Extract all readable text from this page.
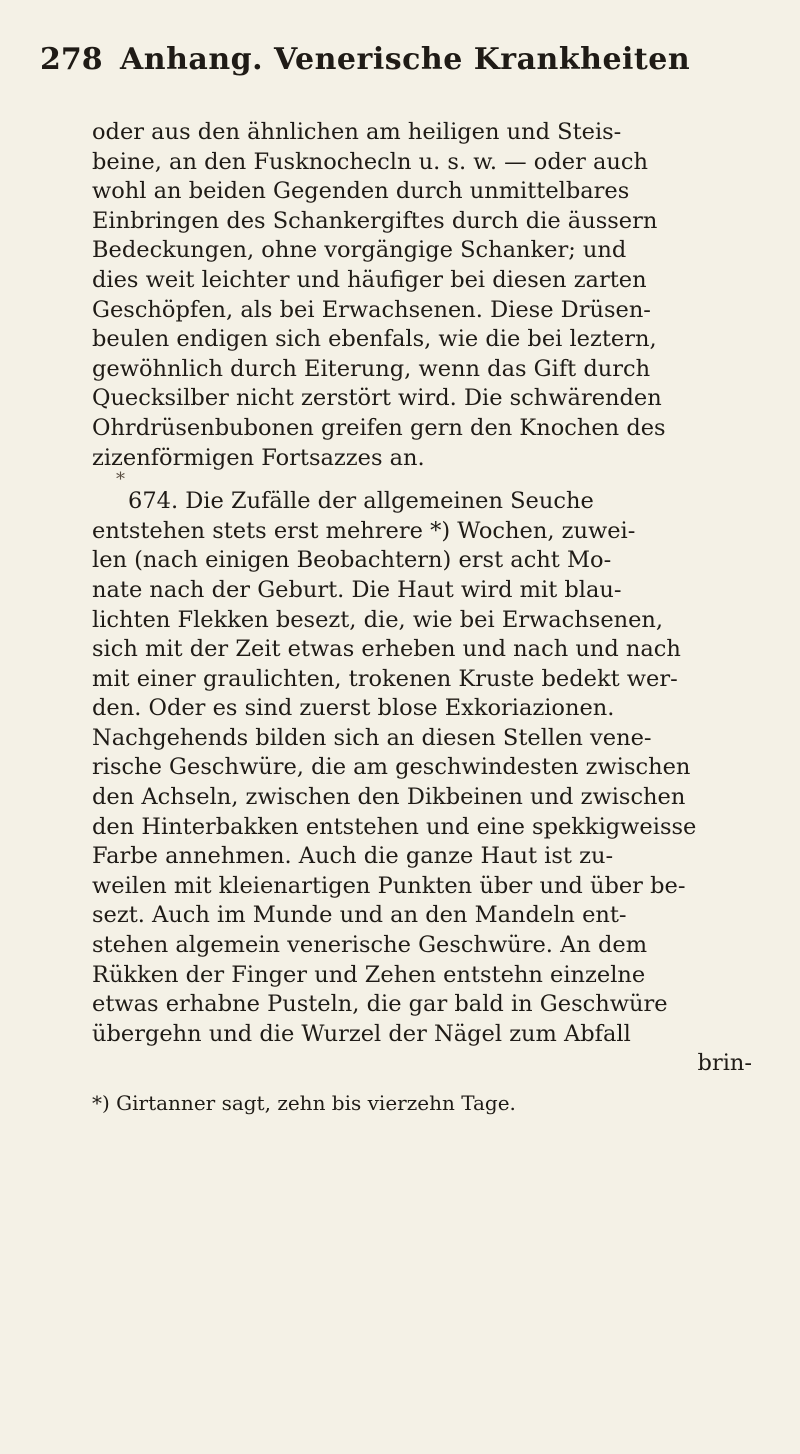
278 Anhang. Venerische Krankheiten
oder aus den ähnlichen am heiligen und Steis-
beine, an den Fusknochecln u. s. w. — oder auch
wohl an beiden Gegenden durch unmittelbares
Einbringen des Schankergiftes durch die äussern
Bedeckungen, ohne vorgängige Schanker; und
dies weit leichter und häufiger bei diesen zarten
Geschöpfen, als bei Erwachsenen. Diese Drüsen-
beulen endigen sich ebenfals, wie die bei leztern,
gewöhnlich durch Eiterung, wenn das Gift durch
Quecksilber nicht zerstört wird. Die schwärenden
Ohrdrüsenbubonen greifen gern den Knochen des
zizenförmigen Fortsazzes an.
*
674. Die Zufälle der allgemeinen Seuche
entstehen stets erst mehrere *) Wochen, zuwei-
len (nach einigen Beobachtern) erst acht Mo-
nate nach der Geburt. Die Haut wird mit blau-
lichten Flekken besezt, die, wie bei Erwachsenen,
sich mit der Zeit etwas erheben und nach und nach
mit einer graulichten, trokenen Kruste bedekt wer-
den. Oder es sind zuerst blose Exkoriazionen.
Nachgehends bilden sich an diesen Stellen vene-
rische Geschwüre, die am geschwindesten zwischen
den Achseln, zwischen den Dikbeinen und zwischen
den Hinterbakken entstehen und eine spekkigweisse
Farbe annehmen. Auch die ganze Haut ist zu-
weilen mit kleienartigen Punkten über und über be-
sezt. Auch im Munde und an den Mandeln ent-
stehen algemein venerische Geschwüre. An dem
Rükken der Finger und Zehen entstehn einzelne
etwas erhabne Pusteln, die gar bald in Geschwüre
übergehn und die Wurzel der Nägel zum Abfall
brin-
*) Girtanner sagt, zehn bis vierzehn Tage.
